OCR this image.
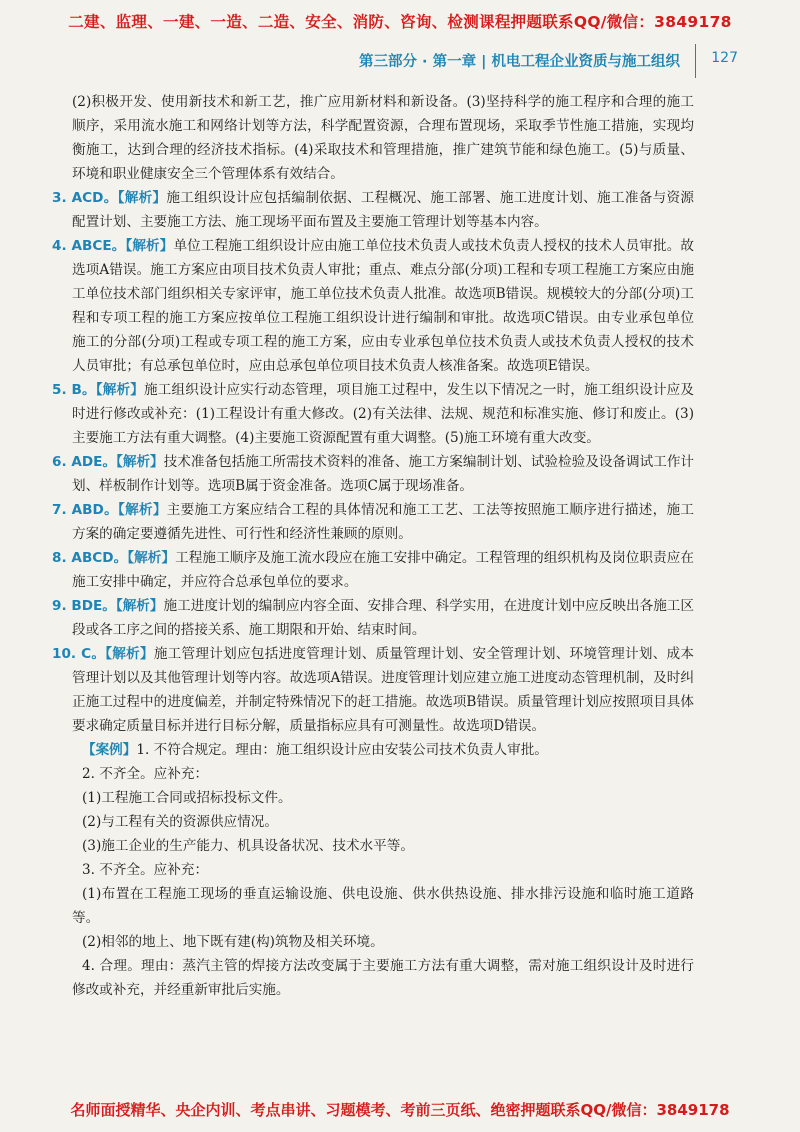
二建、监理、一建、一造、二造、安全、消防、咨询、检测课程押题联系QQ/微信：3849178
第三部分 · 第一章 | 机电工程企业资质与施工组织 127

(2)积极开发、使用新技术和新工艺，推广应用新材料和新设备。(3)坚持科学的施工程序和合理的施工顺序，采用流水施工和网络计划等方法，科学配置资源，合理布置现场，采取季节性施工措施，实现均衡施工，达到合理的经济技术指标。(4)采取技术和管理措施，推广建筑节能和绿色施工。(5)与质量、环境和职业健康安全三个管理体系有效结合。

3. ACD。【解析】施工组织设计应包括编制依据、工程概况、施工部署、施工进度计划、施工准备与资源配置计划、主要施工方法、施工现场平面布置及主要施工管理计划等基本内容。

4. ABCE。【解析】单位工程施工组织设计应由施工单位技术负责人或技术负责人授权的技术人员审批。故选项A错误。施工方案应由项目技术负责人审批；重点、难点分部(分项)工程和专项工程施工方案应由施工单位技术部门组织相关专家评审，施工单位技术负责人批准。故选项B错误。规模较大的分部(分项)工程和专项工程的施工方案应按单位工程施工组织设计进行编制和审批。故选项C错误。由专业承包单位施工的分部(分项)工程或专项工程的施工方案，应由专业承包单位技术负责人或技术负责人授权的技术人员审批；有总承包单位时，应由总承包单位项目技术负责人核准备案。故选项E错误。

5. B。【解析】施工组织设计应实行动态管理，项目施工过程中，发生以下情况之一时，施工组织设计应及时进行修改或补充：(1)工程设计有重大修改。(2)有关法律、法规、规范和标准实施、修订和废止。(3)主要施工方法有重大调整。(4)主要施工资源配置有重大调整。(5)施工环境有重大改变。

6. ADE。【解析】技术准备包括施工所需技术资料的准备、施工方案编制计划、试验检验及设备调试工作计划、样板制作计划等。选项B属于资金准备。选项C属于现场准备。

7. ABD。【解析】主要施工方案应结合工程的具体情况和施工工艺、工法等按照施工顺序进行描述，施工方案的确定要遵循先进性、可行性和经济性兼顾的原则。

8. ABCD。【解析】工程施工顺序及施工流水段应在施工安排中确定。工程管理的组织机构及岗位职责应在施工安排中确定，并应符合总承包单位的要求。

9. BDE。【解析】施工进度计划的编制应内容全面、安排合理、科学实用，在进度计划中应反映出各施工区段或各工序之间的搭接关系、施工期限和开始、结束时间。

10. C。【解析】施工管理计划应包括进度管理计划、质量管理计划、安全管理计划、环境管理计划、成本管理计划以及其他管理计划等内容。故选项A错误。进度管理计划应建立施工进度动态管理机制，及时纠正施工过程中的进度偏差，并制定特殊情况下的赶工措施。故选项B错误。质量管理计划应按照项目具体要求确定质量目标并进行目标分解，质量指标应具有可测量性。故选项D错误。

【案例】1. 不符合规定。理由：施工组织设计应由安装公司技术负责人审批。

2. 不齐全。应补充：

(1)工程施工合同或招标投标文件。

(2)与工程有关的资源供应情况。

(3)施工企业的生产能力、机具设备状况、技术水平等。

3. 不齐全。应补充：

(1)布置在工程施工现场的垂直运输设施、供电设施、供水供热设施、排水排污设施和临时施工道路等。

(2)相邻的地上、地下既有建(构)筑物及相关环境。

4. 合理。理由：蒸汽主管的焊接方法改变属于主要施工方法有重大调整，需对施工组织设计及时进行修改或补充，并经重新审批后实施。

名师面授精华、央企内训、考点串讲、习题模考、考前三页纸、绝密押题联系QQ/微信：3849178
